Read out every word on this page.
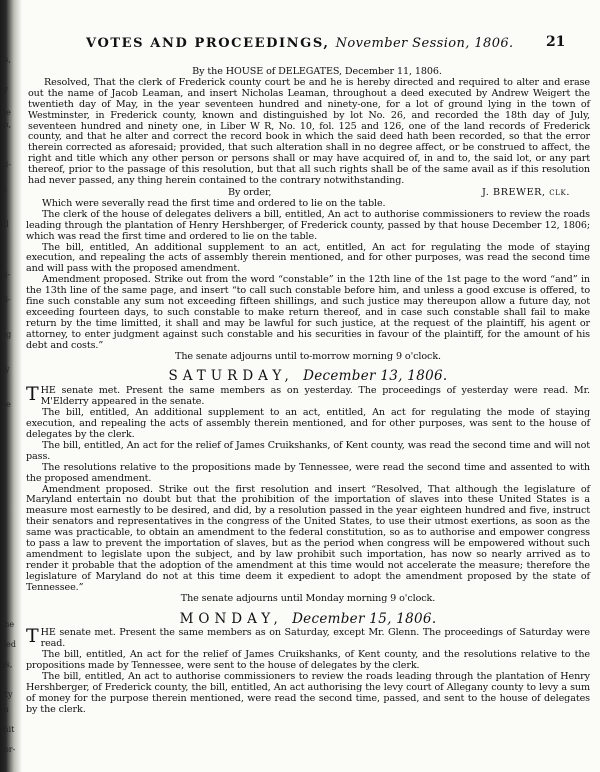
ts,
ly
he
m,
ai-
lt
ill
si-
ci-
ng
sy
he
the
ded
es,
rty
in
mit
for-
VOTES AND PROCEEDINGS, November Session, 1806. 21

By the HOUSE of DELEGATES, December 11, 1806.

Resolved, That the clerk of Frederick county court be and he is hereby directed and required to alter and erase out the name of Jacob Leaman, and insert Nicholas Leaman, throughout a deed executed by Andrew Weigert the twentieth day of May, in the year seventeen hundred and ninety-one, for a lot of ground lying in the town of Westminster, in Frederick county, known and distinguished by lot No. 26, and recorded the 18th day of July, seventeen hundred and ninety one, in Liber W R, No. 10, fol. 125 and 126, one of the land records of Frederick county, and that he alter and correct the record book in which the said deed hath been recorded, so that the error therein corrected as aforesaid; provided, that such alteration shall in no degree affect, or be construed to affect, the right and title which any other person or persons shall or may have acquired of, in and to, the said lot, or any part thereof, prior to the passage of this resolution, but that all such rights shall be of the same avail as if this resolution had never passed, any thing herein contained to the contrary notwithstanding.

By order,	J. BREWER, clk.

Which were severally read the first time and ordered to lie on the table.

The clerk of the house of delegates delivers a bill, entitled, An act to authorise commissioners to review the roads leading through the plantation of Henry Hershberger, of Frederick county, passed by that house December 12, 1806; which was read the first time and ordered to lie on the table.

The bill, entitled, An additional supplement to an act, entitled, An act for regulating the mode of staying execution, and repealing the acts of assembly therein mentioned, and for other purposes, was read the second time and will pass with the proposed amendment.

Amendment proposed. Strike out from the word “constable” in the 12th line of the 1st page to the word “and” in the 13th line of the same page, and insert “to call such constable before him, and unless a good excuse is offered, to fine such constable any sum not exceeding fifteen shillings, and such justice may thereupon allow a future day, not exceeding fourteen days, to such constable to make return thereof, and in case such constable shall fail to make return by the time limitted, it shall and may be lawful for such justice, at the request of the plaintiff, his agent or attorney, to enter judgment against such constable and his securities in favour of the plaintiff, for the amount of his debt and costs.”

The senate adjourns until to-morrow morning 9 o'clock.

SATURDAY, December 13, 1806.

THE senate met. Present the same members as on yesterday. The proceedings of yesterday were read. Mr. M'Elderry appeared in the senate.

The bill, entitled, An additional supplement to an act, entitled, An act for regulating the mode of staying execution, and repealing the acts of assembly therein mentioned, and for other purposes, was sent to the house of delegates by the clerk.

The bill, entitled, An act for the relief of James Cruikshanks, of Kent county, was read the second time and will not pass.

The resolutions relative to the propositions made by Tennessee, were read the second time and assented to with the proposed amendment.

Amendment proposed. Strike out the first resolution and insert “Resolved, That although the legislature of Maryland entertain no doubt but that the prohibition of the importation of slaves into these United States is a measure most earnestly to be desired, and did, by a resolution passed in the year eighteen hundred and five, instruct their senators and representatives in the congress of the United States, to use their utmost exertions, as soon as the same was practicable, to obtain an amendment to the federal constitution, so as to authorise and empower congress to pass a law to prevent the importation of slaves, but as the period when congress will be empowered without such amendment to legislate upon the subject, and by law prohibit such importation, has now so nearly arrived as to render it probable that the adoption of the amendment at this time would not accelerate the measure; therefore the legislature of Maryland do not at this time deem it expedient to adopt the amendment proposed by the state of Tennessee.”

The senate adjourns until Monday morning 9 o'clock.

MONDAY, December 15, 1806.

THE senate met. Present the same members as on Saturday, except Mr. Glenn. The proceedings of Saturday were read.

The bill, entitled, An act for the relief of James Cruikshanks, of Kent county, and the resolutions relative to the propositions made by Tennessee, were sent to the house of delegates by the clerk.

The bill, entitled, An act to authorise commissioners to review the roads leading through the plantation of Henry Hershberger, of Frederick county, the bill, entitled, An act authorising the levy court of Allegany county to levy a sum of money for the purpose therein mentioned, were read the second time, passed, and sent to the house of delegates by the clerk.
